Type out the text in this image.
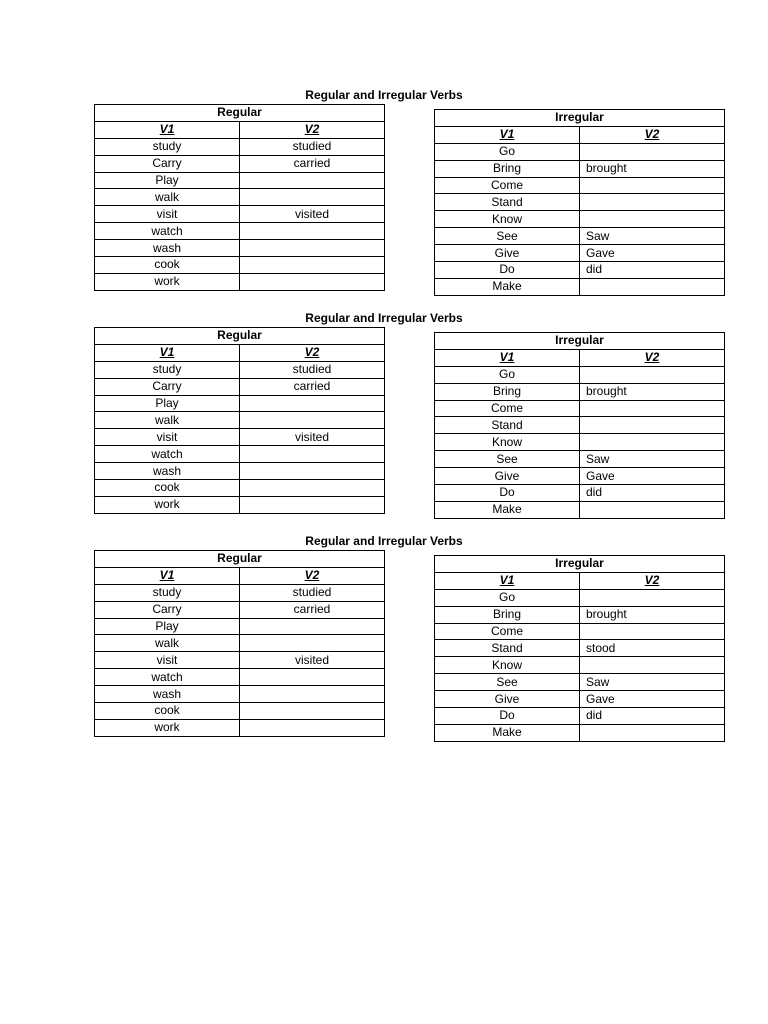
Regular and Irregular Verbs
Regular	
V1	V2
study	studied
Carry	carried
Play	
walk	
visit	visited
watch	
wash	
cook	
work	
Irregular	
V1	V2
Go	
Bring	brought
Come	
Stand	
Know	
See	Saw
Give	Gave
Do	did
Make	
Regular and Irregular Verbs
Regular	
V1	V2
study	studied
Carry	carried
Play	
walk	
visit	visited
watch	
wash	
cook	
work	
Irregular	
V1	V2
Go	
Bring	brought
Come	
Stand	
Know	
See	Saw
Give	Gave
Do	did
Make	
Regular and Irregular Verbs
Regular	
V1	V2
study	studied
Carry	carried
Play	
walk	
visit	visited
watch	
wash	
cook	
work	
Irregular	
V1	V2
Go	
Bring	brought
Come	
Stand	stood
Know	
See	Saw
Give	Gave
Do	did
Make	
